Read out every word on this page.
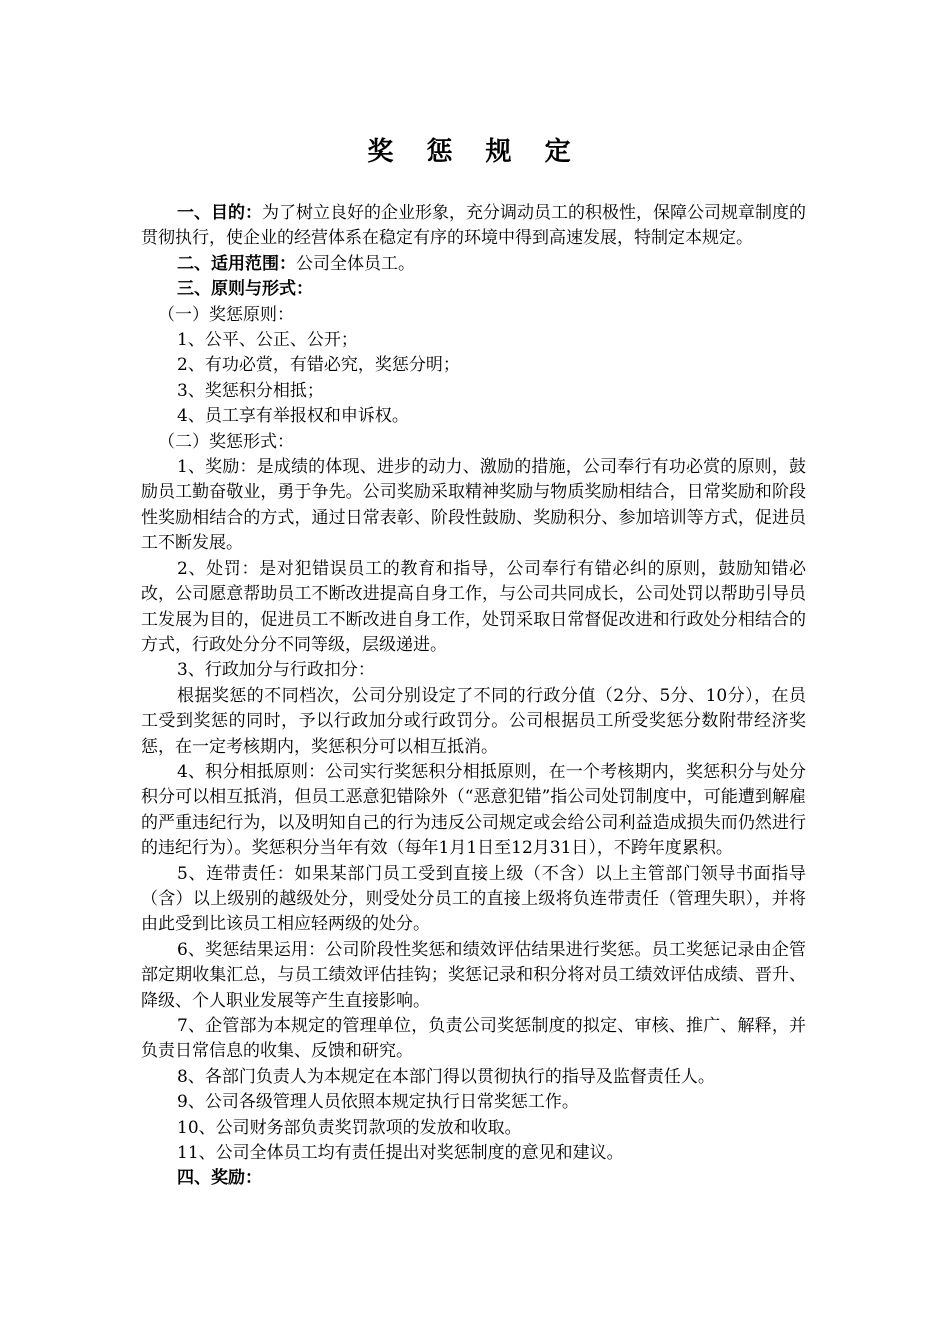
奖 惩 规 定

一、目的：为了树立良好的企业形象，充分调动员工的积极性，保障公司规章制度的贯彻执行，使企业的经营体系在稳定有序的环境中得到高速发展，特制定本规定。

二、适用范围：公司全体员工。

三、原则与形式：

（一）奖惩原则：

1、公平、公正、公开；

2、有功必赏，有错必究，奖惩分明；

3、奖惩积分相抵；

4、员工享有举报权和申诉权。

（二）奖惩形式：

1、奖励：是成绩的体现、进步的动力、激励的措施，公司奉行有功必赏的原则，鼓励员工勤奋敬业，勇于争先。公司奖励采取精神奖励与物质奖励相结合，日常奖励和阶段性奖励相结合的方式，通过日常表彰、阶段性鼓励、奖励积分、参加培训等方式，促进员工不断发展。

2、处罚：是对犯错误员工的教育和指导，公司奉行有错必纠的原则，鼓励知错必改，公司愿意帮助员工不断改进提高自身工作，与公司共同成长，公司处罚以帮助引导员工发展为目的，促进员工不断改进自身工作，处罚采取日常督促改进和行政处分相结合的方式，行政处分分不同等级，层级递进。

3、行政加分与行政扣分：

根据奖惩的不同档次，公司分别设定了不同的行政分值（2分、5分、10分），在员工受到奖惩的同时，予以行政加分或行政罚分。公司根据员工所受奖惩分数附带经济奖惩，在一定考核期内，奖惩积分可以相互抵消。

4、积分相抵原则：公司实行奖惩积分相抵原则，在一个考核期内，奖惩积分与处分积分可以相互抵消，但员工恶意犯错除外（“恶意犯错”指公司处罚制度中，可能遭到解雇的严重违纪行为，以及明知自己的行为违反公司规定或会给公司利益造成损失而仍然进行的违纪行为）。奖惩积分当年有效（每年1月1日至12月31日），不跨年度累积。

5、连带责任：如果某部门员工受到直接上级（不含）以上主管部门领导书面指导（含）以上级别的越级处分，则受处分员工的直接上级将负连带责任（管理失职），并将由此受到比该员工相应轻两级的处分。

6、奖惩结果运用：公司阶段性奖惩和绩效评估结果进行奖惩。员工奖惩记录由企管部定期收集汇总，与员工绩效评估挂钩；奖惩记录和积分将对员工绩效评估成绩、晋升、降级、个人职业发展等产生直接影响。

7、企管部为本规定的管理单位，负责公司奖惩制度的拟定、审核、推广、解释，并负责日常信息的收集、反馈和研究。

8、各部门负责人为本规定在本部门得以贯彻执行的指导及监督责任人。

9、公司各级管理人员依照本规定执行日常奖惩工作。

10、公司财务部负责奖罚款项的发放和收取。

11、公司全体员工均有责任提出对奖惩制度的意见和建议。

四、奖励：
